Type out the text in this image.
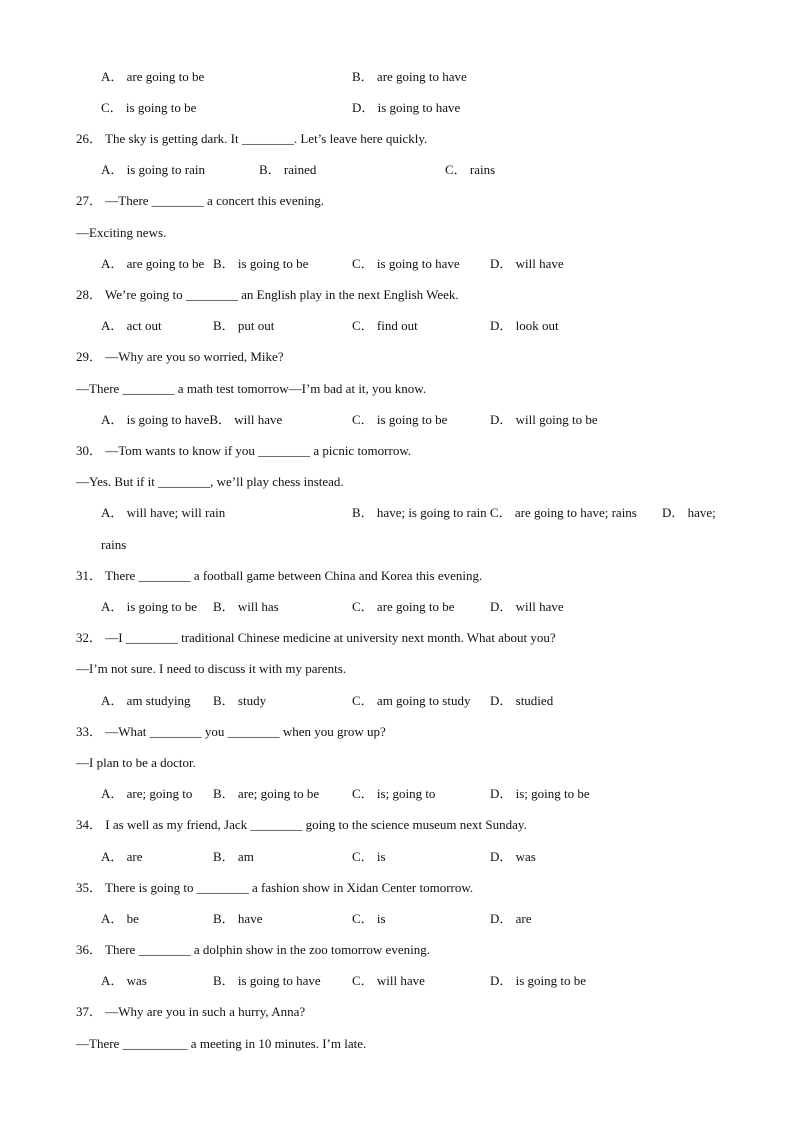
A． are going to be	B． are going to have
C． is going to be	D． is going to have
26． The sky is getting dark. It ________. Let’s leave here quickly.
A． is going to rain	B． rained	C． rains
27． —There ________ a concert this evening.
—Exciting news.
A． are going to be B． is going to be	C． is going to have D． will have
28． We’re going to ________ an English play in the next English Week.
A． act out	B． put out	C． find out	D． look out
29． —Why are you so worried, Mike?
—There ________ a math test tomorrow—I’m bad at it, you know.
A． is going to haveB． will have	C． is going to be	D． will going to be
30． —Tom wants to know if you ________ a picnic tomorrow.
—Yes. But if it ________, we’ll play chess instead.
A． will have; will rain	B． have; is going to rain C． are going to have; rains D． have;
rains
31． There ________ a football game between China and Korea this evening.
A． is going to be B． will has	C． are going to be	D． will have
32． —I ________ traditional Chinese medicine at university next month. What about you?
—I’m not sure. I need to discuss it with my parents.
A． am studying B． study	C． am going to study D． studied
33． —What ________ you ________ when you grow up?
—I plan to be a doctor.
A． are; going to B． are; going to be	C． is; going to	D． is; going to be
34． I as well as my friend, Jack ________ going to the science museum next Sunday.
A． are	B． am	C． is	D． was
35． There is going to ________ a fashion show in Xidan Center tomorrow.
A． be	B． have	C． is	D． are
36． There ________ a dolphin show in the zoo tomorrow evening.
A． was	B． is going to have C． will have	D． is going to be
37． —Why are you in such a hurry, Anna?
—There __________ a meeting in 10 minutes. I’m late.
